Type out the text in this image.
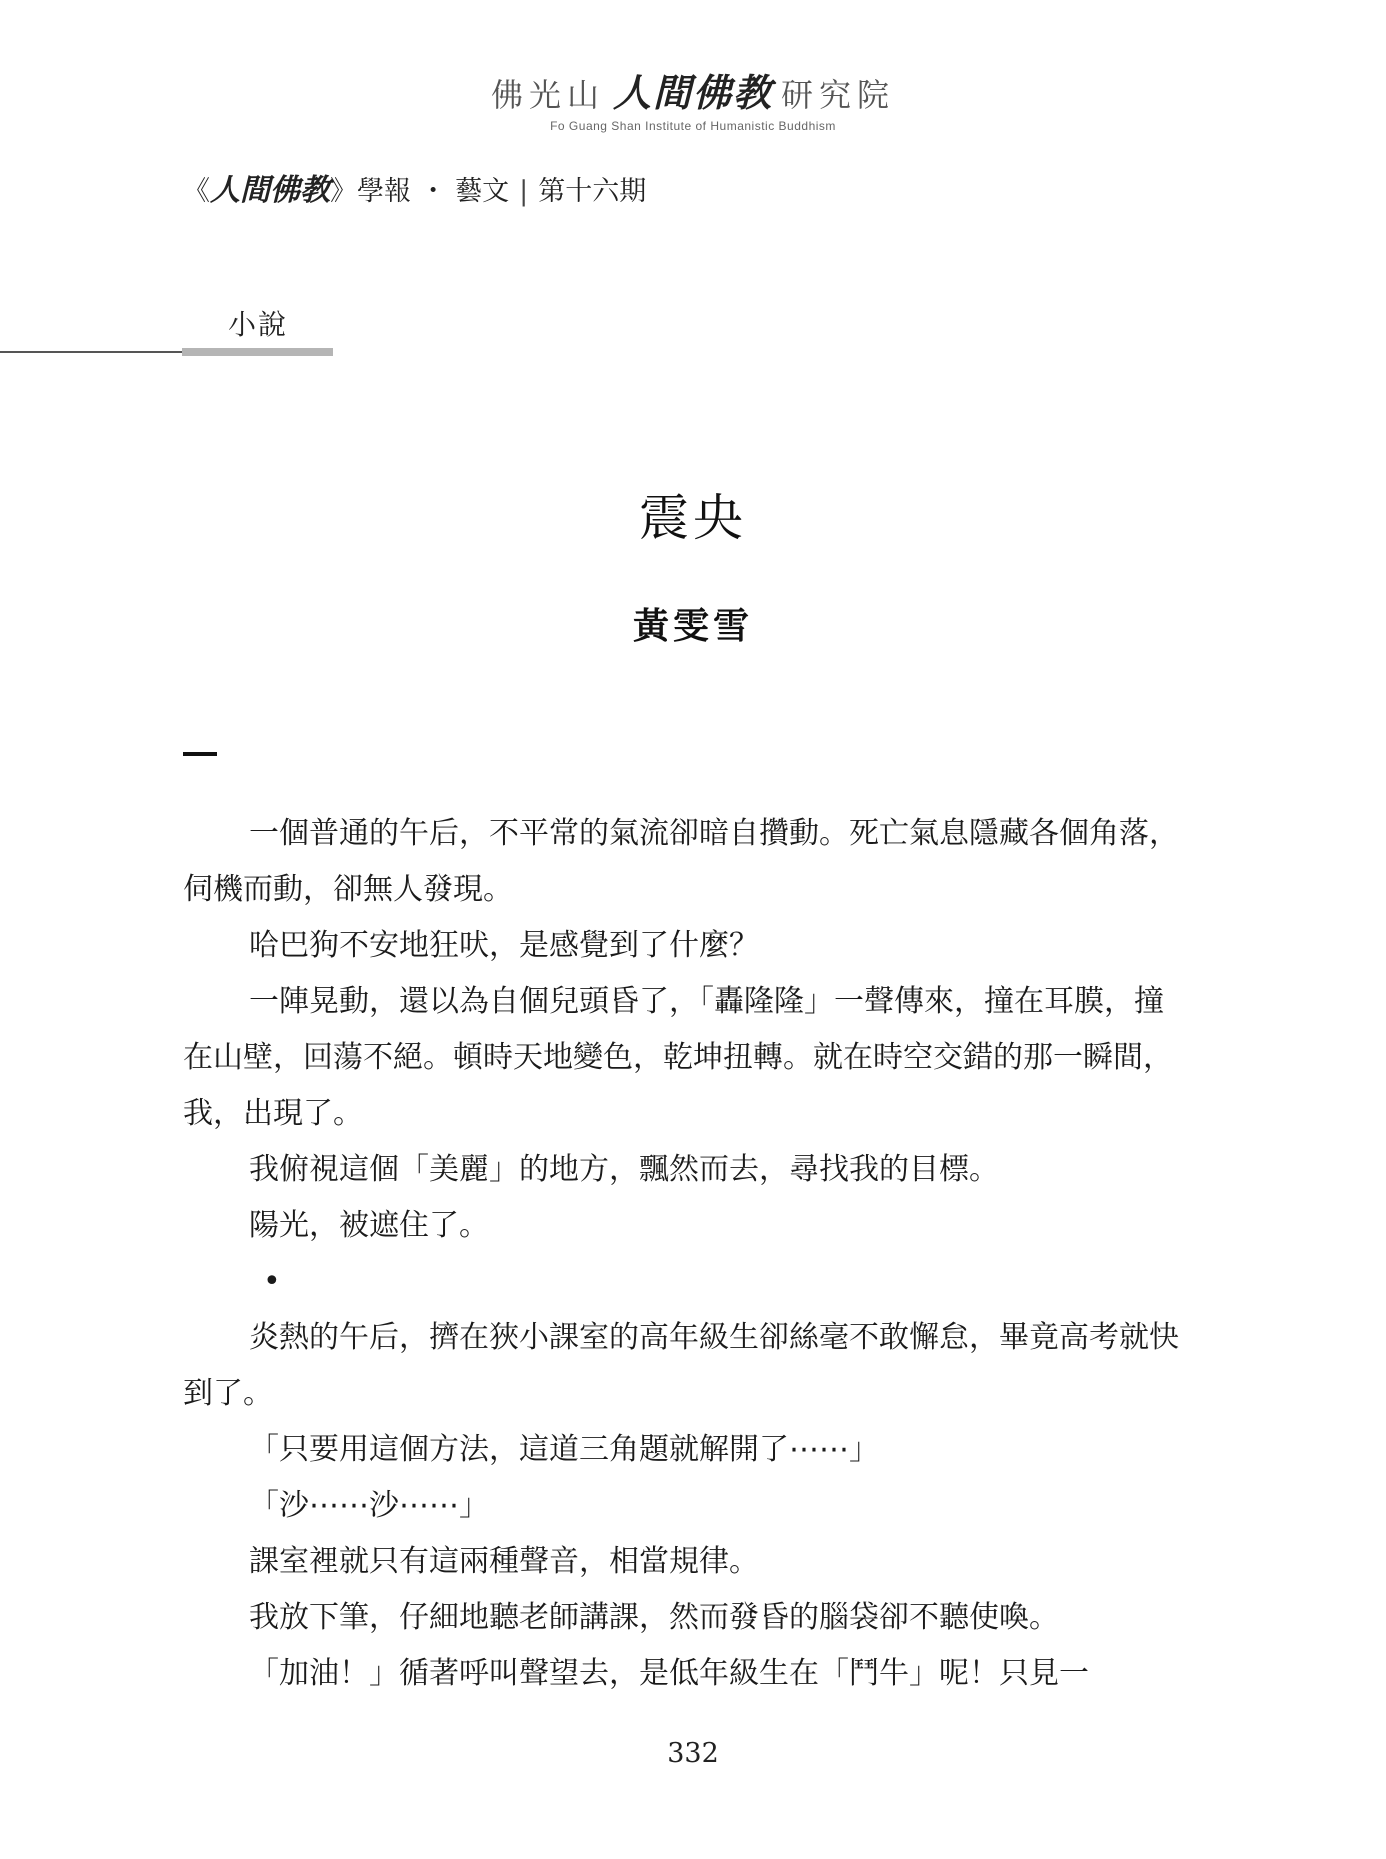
佛光山 人間佛教 研究院
Fo Guang Shan Institute of Humanistic Buddhism
《人間佛教》學報 ・ 藝文 | 第十六期
小說
震央
黃雯雪

一個普通的午后，不平常的氣流卻暗自攢動。死亡氣息隱藏各個角落，伺機而動，卻無人發現。

哈巴狗不安地狂吠，是感覺到了什麼？

一陣晃動，還以為自個兒頭昏了，「轟隆隆」一聲傳來，撞在耳膜，撞在山壁，回蕩不絕。頓時天地變色，乾坤扭轉。就在時空交錯的那一瞬間，我，出現了。

我俯視這個「美麗」的地方，飄然而去，尋找我的目標。

陽光，被遮住了。

•

炎熱的午后，擠在狹小課室的高年級生卻絲毫不敢懈怠，畢竟高考就快到了。

「只要用這個方法，這道三角題就解開了⋯⋯」

「沙⋯⋯沙⋯⋯」

課室裡就只有這兩種聲音，相當規律。

我放下筆，仔細地聽老師講課，然而發昏的腦袋卻不聽使喚。

「加油！」循著呼叫聲望去，是低年級生在「鬥牛」呢！只見一

332
